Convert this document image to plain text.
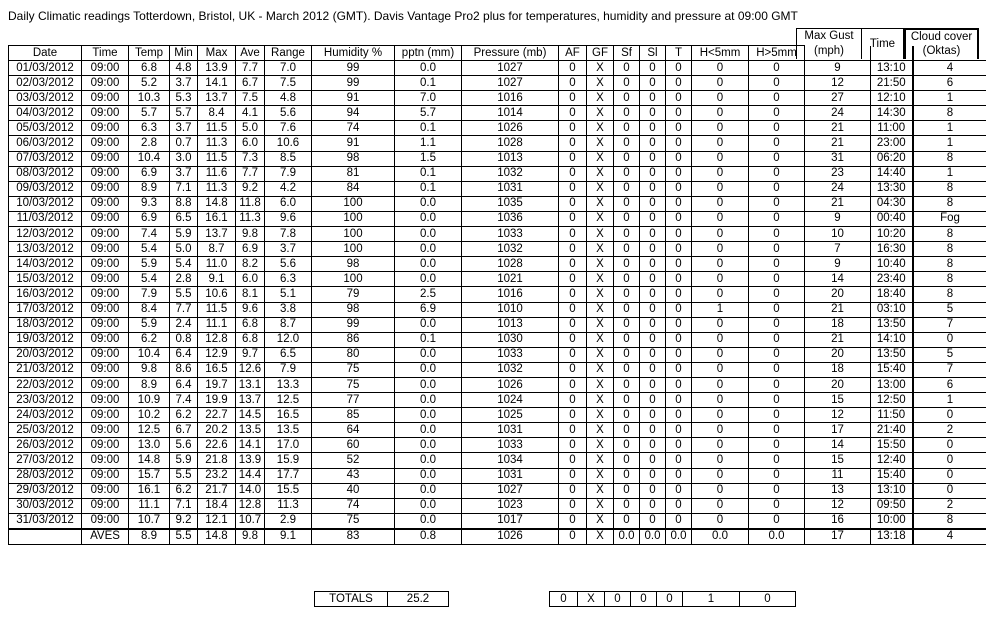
Daily Climatic readings Totterdown, Bristol, UK - March 2012 (GMT). Davis Vantage Pro2 plus for temperatures, humidity and pressure at 09:00 GMT
Max Gust
(mph)
Time
Cloud cover
(Oktas)
Date	Time	Temp	Min	Max	Ave	Range	Humidity %	pptn (mm)	Pressure (mb)	AF	GF	Sf	Sl	T	H<5mm	H>5mm			
01/03/2012	09:00	6.8	4.8	13.9	7.7	7.0	99	0.0	1027	0	X	0	0	0	0	0	9	13:10	4
02/03/2012	09:00	5.2	3.7	14.1	6.7	7.5	99	0.1	1027	0	X	0	0	0	0	0	12	21:50	6
03/03/2012	09:00	10.3	5.3	13.7	7.5	4.8	91	7.0	1016	0	X	0	0	0	0	0	27	12:10	1
04/03/2012	09:00	5.7	5.7	8.4	4.1	5.6	94	5.7	1014	0	X	0	0	0	0	0	24	14:30	8
05/03/2012	09:00	6.3	3.7	11.5	5.0	7.6	74	0.1	1026	0	X	0	0	0	0	0	21	11:00	1
06/03/2012	09:00	2.8	0.7	11.3	6.0	10.6	91	1.1	1028	0	X	0	0	0	0	0	21	23:00	1
07/03/2012	09:00	10.4	3.0	11.5	7.3	8.5	98	1.5	1013	0	X	0	0	0	0	0	31	06:20	8
08/03/2012	09:00	6.9	3.7	11.6	7.7	7.9	81	0.1	1032	0	X	0	0	0	0	0	23	14:40	1
09/03/2012	09:00	8.9	7.1	11.3	9.2	4.2	84	0.1	1031	0	X	0	0	0	0	0	24	13:30	8
10/03/2012	09:00	9.3	8.8	14.8	11.8	6.0	100	0.0	1035	0	X	0	0	0	0	0	21	04:30	8
11/03/2012	09:00	6.9	6.5	16.1	11.3	9.6	100	0.0	1036	0	X	0	0	0	0	0	9	00:40	Fog
12/03/2012	09:00	7.4	5.9	13.7	9.8	7.8	100	0.0	1033	0	X	0	0	0	0	0	10	10:20	8
13/03/2012	09:00	5.4	5.0	8.7	6.9	3.7	100	0.0	1032	0	X	0	0	0	0	0	7	16:30	8
14/03/2012	09:00	5.9	5.4	11.0	8.2	5.6	98	0.0	1028	0	X	0	0	0	0	0	9	10:40	8
15/03/2012	09:00	5.4	2.8	9.1	6.0	6.3	100	0.0	1021	0	X	0	0	0	0	0	14	23:40	8
16/03/2012	09:00	7.9	5.5	10.6	8.1	5.1	79	2.5	1016	0	X	0	0	0	0	0	20	18:40	8
17/03/2012	09:00	8.4	7.7	11.5	9.6	3.8	98	6.9	1010	0	X	0	0	0	1	0	21	03:10	5
18/03/2012	09:00	5.9	2.4	11.1	6.8	8.7	99	0.0	1013	0	X	0	0	0	0	0	18	13:50	7
19/03/2012	09:00	6.2	0.8	12.8	6.8	12.0	86	0.1	1030	0	X	0	0	0	0	0	21	14:10	0
20/03/2012	09:00	10.4	6.4	12.9	9.7	6.5	80	0.0	1033	0	X	0	0	0	0	0	20	13:50	5
21/03/2012	09:00	9.8	8.6	16.5	12.6	7.9	75	0.0	1032	0	X	0	0	0	0	0	18	15:40	7
22/03/2012	09:00	8.9	6.4	19.7	13.1	13.3	75	0.0	1026	0	X	0	0	0	0	0	20	13:00	6
23/03/2012	09:00	10.9	7.4	19.9	13.7	12.5	77	0.0	1024	0	X	0	0	0	0	0	15	12:50	1
24/03/2012	09:00	10.2	6.2	22.7	14.5	16.5	85	0.0	1025	0	X	0	0	0	0	0	12	11:50	0
25/03/2012	09:00	12.5	6.7	20.2	13.5	13.5	64	0.0	1031	0	X	0	0	0	0	0	17	21:40	2
26/03/2012	09:00	13.0	5.6	22.6	14.1	17.0	60	0.0	1033	0	X	0	0	0	0	0	14	15:50	0
27/03/2012	09:00	14.8	5.9	21.8	13.9	15.9	52	0.0	1034	0	X	0	0	0	0	0	15	12:40	0
28/03/2012	09:00	15.7	5.5	23.2	14.4	17.7	43	0.0	1031	0	X	0	0	0	0	0	11	15:40	0
29/03/2012	09:00	16.1	6.2	21.7	14.0	15.5	40	0.0	1027	0	X	0	0	0	0	0	13	13:10	0
30/03/2012	09:00	11.1	7.1	18.4	12.8	11.3	74	0.0	1023	0	X	0	0	0	0	0	12	09:50	2
31/03/2012	09:00	10.7	9.2	12.1	10.7	2.9	75	0.0	1017	0	X	0	0	0	0	0	16	10:00	8
	AVES	8.9	5.5	14.8	9.8	9.1	83	0.8	1026	0	X	0.0	0.0	0.0	0.0	0.0	17	13:18	4
TOTALS	25.2	0	X	0	0	0	1	0
